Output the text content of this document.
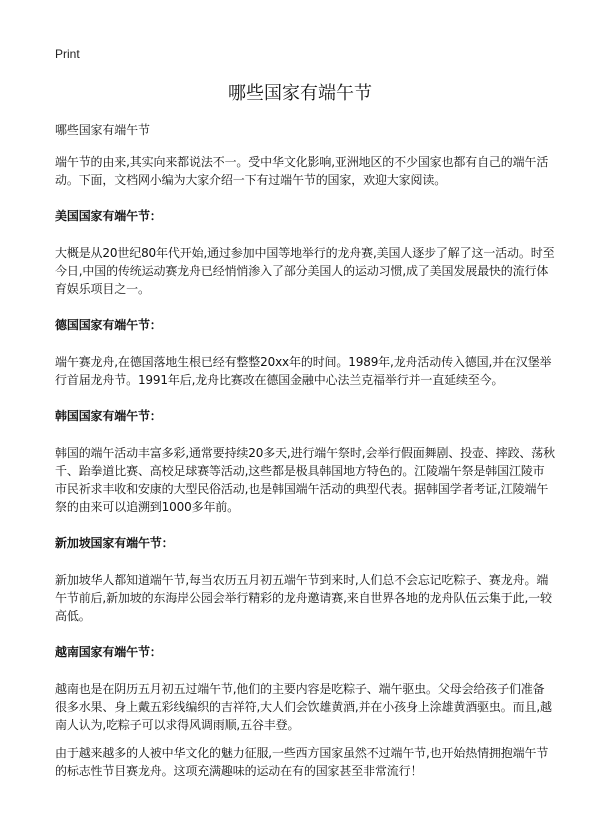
Print
哪些国家有端午节

哪些国家有端午节

端午节的由来,其实向来都说法不一。受中华文化影响,亚洲地区的不少国家也都有自己的端午活动。下面，文档网小编为大家介绍一下有过端午节的国家，欢迎大家阅读。

美国国家有端午节：

大概是从20世纪80年代开始,通过参加中国等地举行的龙舟赛,美国人逐步了解了这一活动。时至今日,中国的传统运动赛龙舟已经悄悄渗入了部分美国人的运动习惯,成了美国发展最快的流行体育娱乐项目之一。

德国国家有端午节：

端午赛龙舟,在德国落地生根已经有整整20xx年的时间。1989年,龙舟活动传入德国,并在汉堡举行首届龙舟节。1991年后,龙舟比赛改在德国金融中心法兰克福举行并一直延续至今。

韩国国家有端午节：

韩国的端午活动丰富多彩,通常要持续20多天,进行端午祭时,会举行假面舞剧、投壶、摔跤、荡秋千、跆拳道比赛、高校足球赛等活动,这些都是极具韩国地方特色的。江陵端午祭是韩国江陵市市民祈求丰收和安康的大型民俗活动,也是韩国端午活动的典型代表。据韩国学者考证,江陵端午祭的由来可以追溯到1000多年前。

新加坡国家有端午节：

新加坡华人都知道端午节,每当农历五月初五端午节到来时,人们总不会忘记吃粽子、赛龙舟。端午节前后,新加坡的东海岸公园会举行精彩的龙舟邀请赛,来自世界各地的龙舟队伍云集于此,一较高低。

越南国家有端午节：

越南也是在阴历五月初五过端午节,他们的主要内容是吃粽子、端午驱虫。父母会给孩子们准备很多水果、身上戴五彩线编织的吉祥符,大人们会饮雄黄酒,并在小孩身上涂雄黄酒驱虫。而且,越南人认为,吃粽子可以求得风调雨顺,五谷丰登。

由于越来越多的人被中华文化的魅力征服,一些西方国家虽然不过端午节,也开始热情拥抱端午节的标志性节目赛龙舟。这项充满趣味的运动在有的国家甚至非常流行！
